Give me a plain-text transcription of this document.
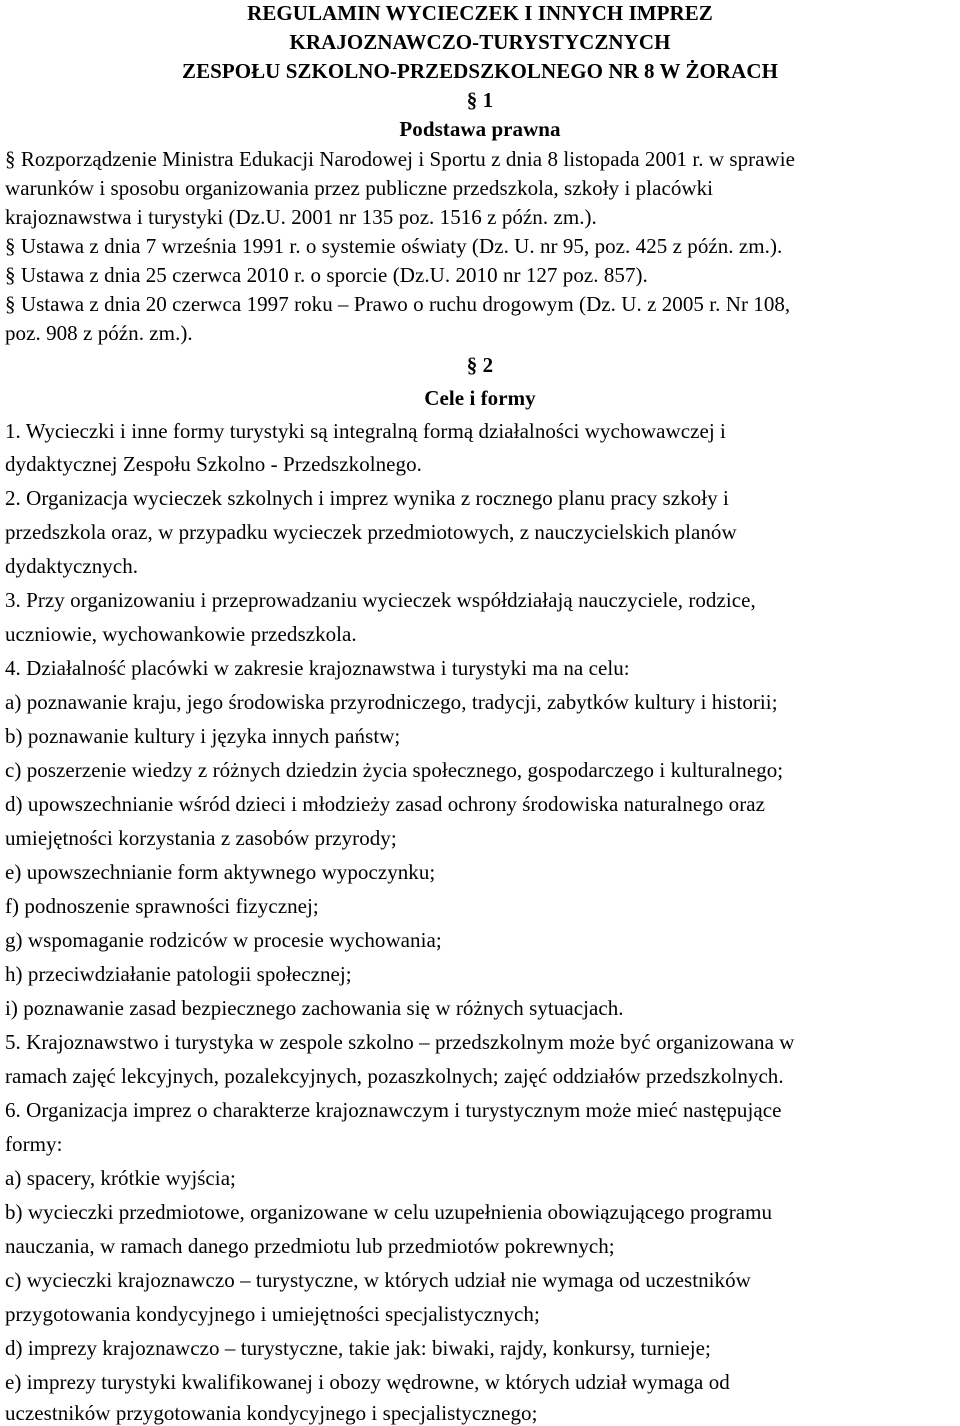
REGULAMIN WYCIECZEK I INNYCH IMPREZ
KRAJOZNAWCZO-TURYSTYCZNYCH
ZESPOŁU SZKOLNO-PRZEDSZKOLNEGO NR 8 W ŻORACH
§ 1
Podstawa prawna
§ Rozporządzenie Ministra Edukacji Narodowej i Sportu z dnia 8 listopada 2001 r. w sprawie
warunków i sposobu organizowania przez publiczne przedszkola, szkoły i placówki
krajoznawstwa i turystyki (Dz.U. 2001 nr 135 poz. 1516 z późn. zm.).
§ Ustawa z dnia 7 września 1991 r. o systemie oświaty (Dz. U. nr 95, poz. 425 z późn. zm.).
§ Ustawa z dnia 25 czerwca 2010 r. o sporcie (Dz.U. 2010 nr 127 poz. 857).
§ Ustawa z dnia 20 czerwca 1997 roku – Prawo o ruchu drogowym (Dz. U. z 2005 r. Nr 108,
poz. 908 z późn. zm.).
§ 2
Cele i formy
1. Wycieczki i inne formy turystyki są integralną formą działalności wychowawczej i
dydaktycznej Zespołu Szkolno - Przedszkolnego.
2. Organizacja wycieczek szkolnych i imprez wynika z rocznego planu pracy szkoły i
przedszkola oraz, w przypadku wycieczek przedmiotowych, z nauczycielskich planów
dydaktycznych.
3. Przy organizowaniu i przeprowadzaniu wycieczek współdziałają nauczyciele, rodzice,
uczniowie, wychowankowie przedszkola.
4. Działalność placówki w zakresie krajoznawstwa i turystyki ma na celu:
a) poznawanie kraju, jego środowiska przyrodniczego, tradycji, zabytków kultury i historii;
b) poznawanie kultury i języka innych państw;
c) poszerzenie wiedzy z różnych dziedzin życia społecznego, gospodarczego i kulturalnego;
d) upowszechnianie wśród dzieci i młodzieży zasad ochrony środowiska naturalnego oraz
umiejętności korzystania z zasobów przyrody;
e) upowszechnianie form aktywnego wypoczynku;
f) podnoszenie sprawności fizycznej;
g) wspomaganie rodziców w procesie wychowania;
h) przeciwdziałanie patologii społecznej;
i) poznawanie zasad bezpiecznego zachowania się w różnych sytuacjach.
5. Krajoznawstwo i turystyka w zespole szkolno – przedszkolnym może być organizowana w
ramach zajęć lekcyjnych, pozalekcyjnych, pozaszkolnych; zajęć oddziałów przedszkolnych.
6. Organizacja imprez o charakterze krajoznawczym i turystycznym może mieć następujące
formy:
a) spacery, krótkie wyjścia;
b) wycieczki przedmiotowe, organizowane w celu uzupełnienia obowiązującego programu
nauczania, w ramach danego przedmiotu lub przedmiotów pokrewnych;
c) wycieczki krajoznawczo – turystyczne, w których udział nie wymaga od uczestników
przygotowania kondycyjnego i umiejętności specjalistycznych;
d) imprezy krajoznawczo – turystyczne, takie jak: biwaki, rajdy, konkursy, turnieje;
e) imprezy turystyki kwalifikowanej i obozy wędrowne, w których udział wymaga od
uczestników przygotowania kondycyjnego i specjalistycznego;
